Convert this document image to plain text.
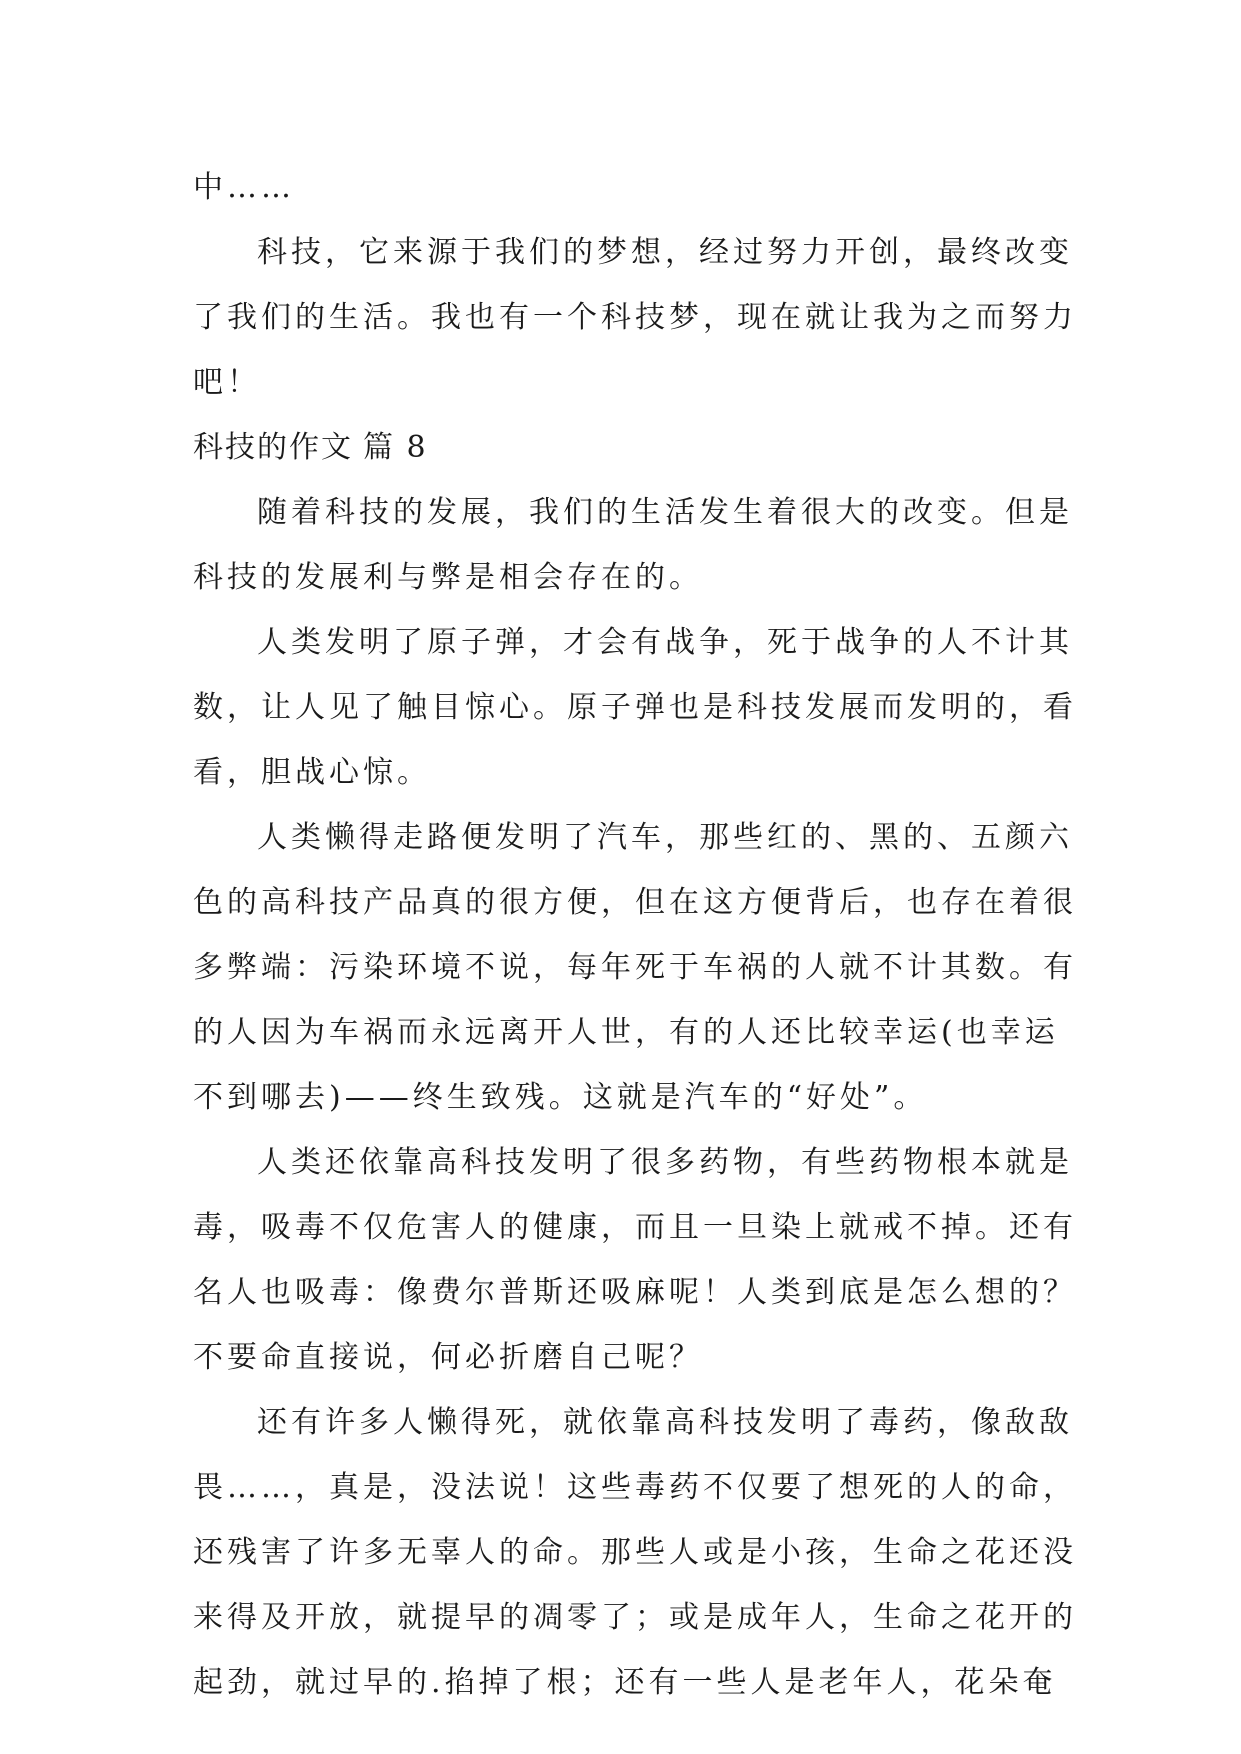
中……
科技，它来源于我们的梦想，经过努力开创，最终改变
了我们的生活。我也有一个科技梦，现在就让我为之而努力
吧！
科技的作文 篇 8
随着科技的发展，我们的生活发生着很大的改变。但是
科技的发展利与弊是相会存在的。
人类发明了原子弹，才会有战争，死于战争的人不计其
数，让人见了触目惊心。原子弹也是科技发展而发明的，看
看，胆战心惊。
人类懒得走路便发明了汽车，那些红的、黑的、五颜六
色的高科技产品真的很方便，但在这方便背后，也存在着很
多弊端：污染环境不说，每年死于车祸的人就不计其数。有
的人因为车祸而永远离开人世，有的人还比较幸运(也幸运
不到哪去)——终生致残。这就是汽车的“好处”。
人类还依靠高科技发明了很多药物，有些药物根本就是
毒，吸毒不仅危害人的健康，而且一旦染上就戒不掉。还有
名人也吸毒：像费尔普斯还吸麻呢！人类到底是怎么想的？
不要命直接说，何必折磨自己呢？
还有许多人懒得死，就依靠高科技发明了毒药，像敌敌
畏……，真是，没法说！这些毒药不仅要了想死的人的命，
还残害了许多无辜人的命。那些人或是小孩，生命之花还没
来得及开放，就提早的凋零了；或是成年人，生命之花开的
起劲，就过早的.掐掉了根；还有一些人是老年人，花朵奄
